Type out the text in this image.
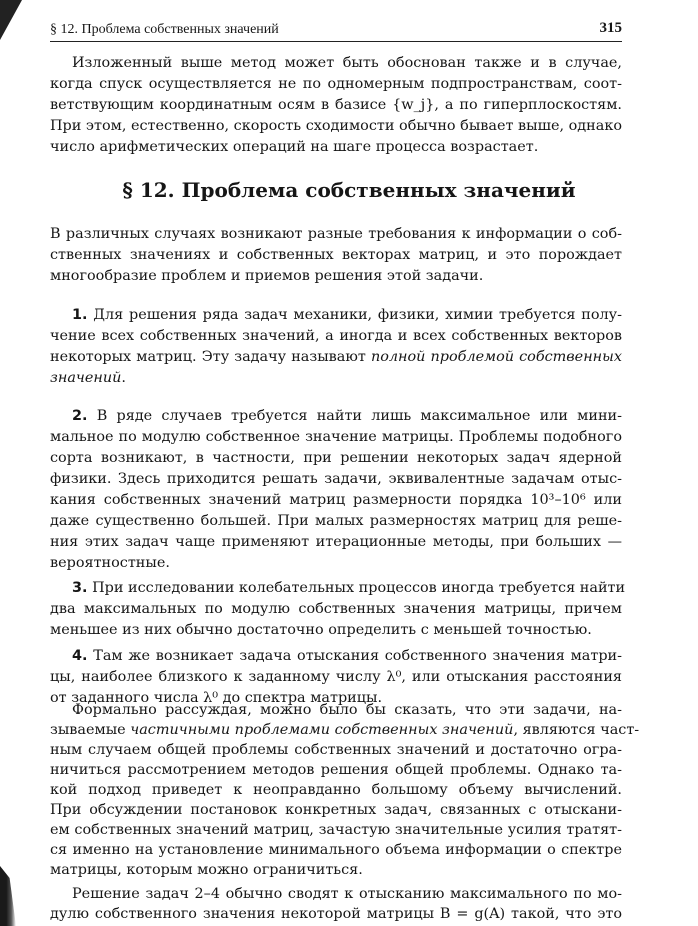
§ 12. Проблема собственных значений	315
Изложенный выше метод может быть обоснован также и в случае,
когда спуск осуществляется не по одномерным подпространствам, соот-
ветствующим координатным осям в базисе {w_j}, а по гиперплоскостям.
При этом, естественно, скорость сходимости обычно бывает выше, однако
число арифметических операций на шаге процесса возрастает.
§ 12. Проблема собственных значений
В различных случаях возникают разные требования к информации о соб-
ственных значениях и собственных векторах матриц, и это порождает
многообразие проблем и приемов решения этой задачи.
1. Для решения ряда задач механики, физики, химии требуется полу-
чение всех собственных значений, а иногда и всех собственных векторов
некоторых матриц. Эту задачу называют полной проблемой собственных
значений.
2. В ряде случаев требуется найти лишь максимальное или мини-
мальное по модулю собственное значение матрицы. Проблемы подобного
сорта возникают, в частности, при решении некоторых задач ядерной
физики. Здесь приходится решать задачи, эквивалентные задачам отыс-
кания собственных значений матриц размерности порядка 10³–10⁶ или
даже существенно большей. При малых размерностях матриц для реше-
ния этих задач чаще применяют итерационные методы, при больших —
вероятностные.
3. При исследовании колебательных процессов иногда требуется найти
два максимальных по модулю собственных значения матрицы, причем
меньшее из них обычно достаточно определить с меньшей точностью.
4. Там же возникает задача отыскания собственного значения матри-
цы, наиболее близкого к заданному числу λ⁰, или отыскания расстояния
от заданного числа λ⁰ до спектра матрицы.
Формально рассуждая, можно было бы сказать, что эти задачи, на-
зываемые частичными проблемами собственных значений, являются част-
ным случаем общей проблемы собственных значений и достаточно огра-
ничиться рассмотрением методов решения общей проблемы. Однако та-
кой подход приведет к неоправданно большому объему вычислений.
При обсуждении постановок конкретных задач, связанных с отыскани-
ем собственных значений матриц, зачастую значительные усилия тратят-
ся именно на установление минимального объема информации о спектре
матрицы, которым можно ограничиться.
Решение задач 2–4 обычно сводят к отысканию максимального по мо-
дулю собственного значения некоторой матрицы B = g(A) такой, что это
